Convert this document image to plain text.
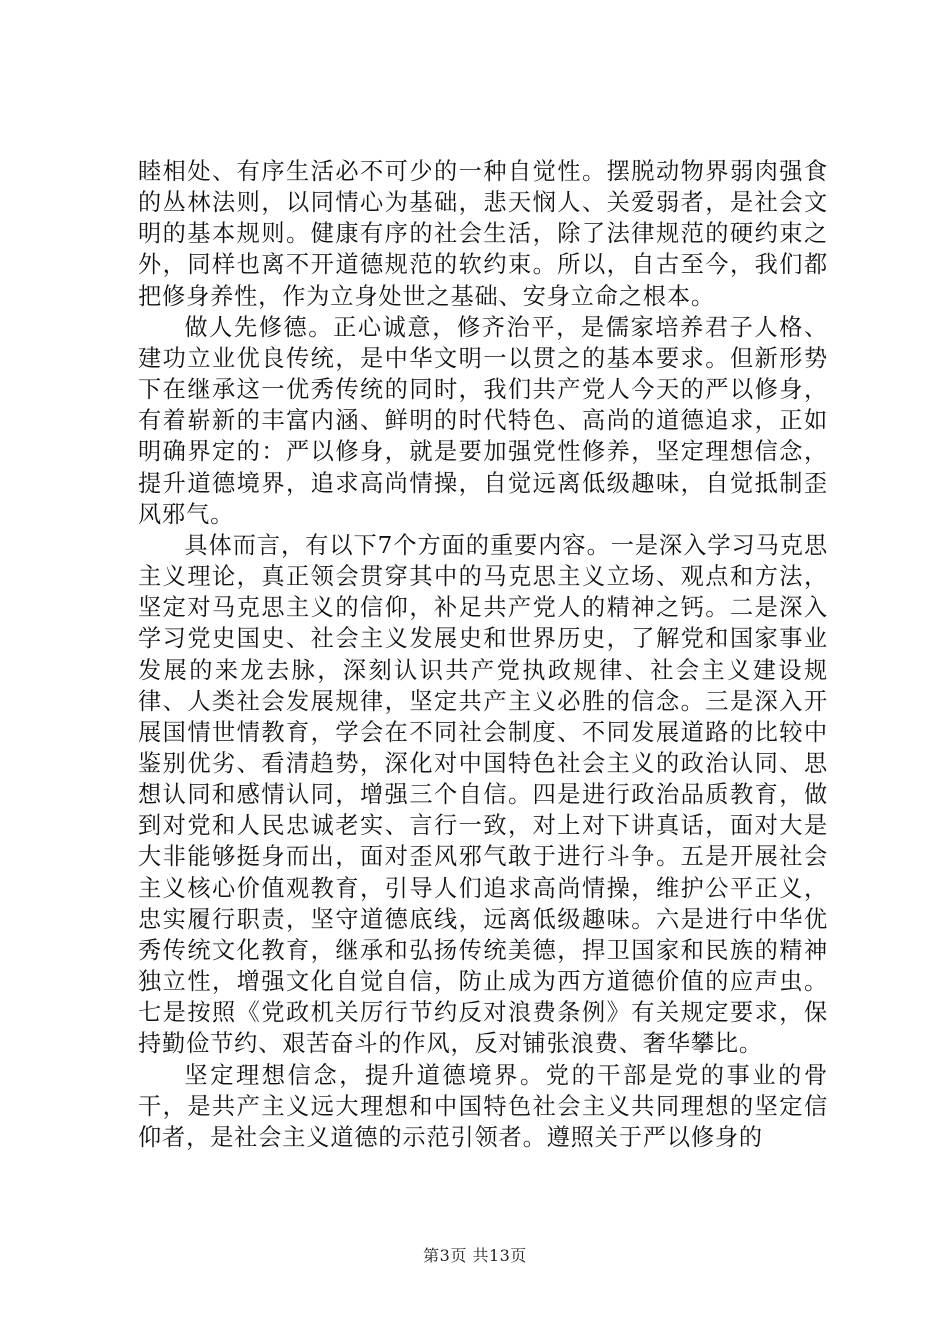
睦相处、有序生活必不可少的一种自觉性。摆脱动物界弱肉强食的丛林法则，以同情心为基础，悲天悯人、关爱弱者，是社会文明的基本规则。健康有序的社会生活，除了法律规范的硬约束之外，同样也离不开道德规范的软约束。所以，自古至今，我们都把修身养性，作为立身处世之基础、安身立命之根本。

做人先修德。正心诚意，修齐治平，是儒家培养君子人格、建功立业优良传统，是中华文明一以贯之的基本要求。但新形势下在继承这一优秀传统的同时，我们共产党人今天的严以修身，有着崭新的丰富内涵、鲜明的时代特色、高尚的道德追求，正如明确界定的：严以修身，就是要加强党性修养，坚定理想信念，提升道德境界，追求高尚情操，自觉远离低级趣味，自觉抵制歪风邪气。

具体而言，有以下7个方面的重要内容。一是深入学习马克思主义理论，真正领会贯穿其中的马克思主义立场、观点和方法，坚定对马克思主义的信仰，补足共产党人的精神之钙。二是深入学习党史国史、社会主义发展史和世界历史，了解党和国家事业发展的来龙去脉，深刻认识共产党执政规律、社会主义建设规律、人类社会发展规律，坚定共产主义必胜的信念。三是深入开展国情世情教育，学会在不同社会制度、不同发展道路的比较中鉴别优劣、看清趋势，深化对中国特色社会主义的政治认同、思想认同和感情认同，增强三个自信。四是进行政治品质教育，做到对党和人民忠诚老实、言行一致，对上对下讲真话，面对大是大非能够挺身而出，面对歪风邪气敢于进行斗争。五是开展社会主义核心价值观教育，引导人们追求高尚情操，维护公平正义，忠实履行职责，坚守道德底线，远离低级趣味。六是进行中华优秀传统文化教育，继承和弘扬传统美德，捍卫国家和民族的精神独立性，增强文化自觉自信，防止成为西方道德价值的应声虫。七是按照《党政机关厉行节约反对浪费条例》有关规定要求，保持勤俭节约、艰苦奋斗的作风，反对铺张浪费、奢华攀比。

坚定理想信念，提升道德境界。党的干部是党的事业的骨干，是共产主义远大理想和中国特色社会主义共同理想的坚定信仰者，是社会主义道德的示范引领者。遵照关于严以修身的

第3页 共13页
